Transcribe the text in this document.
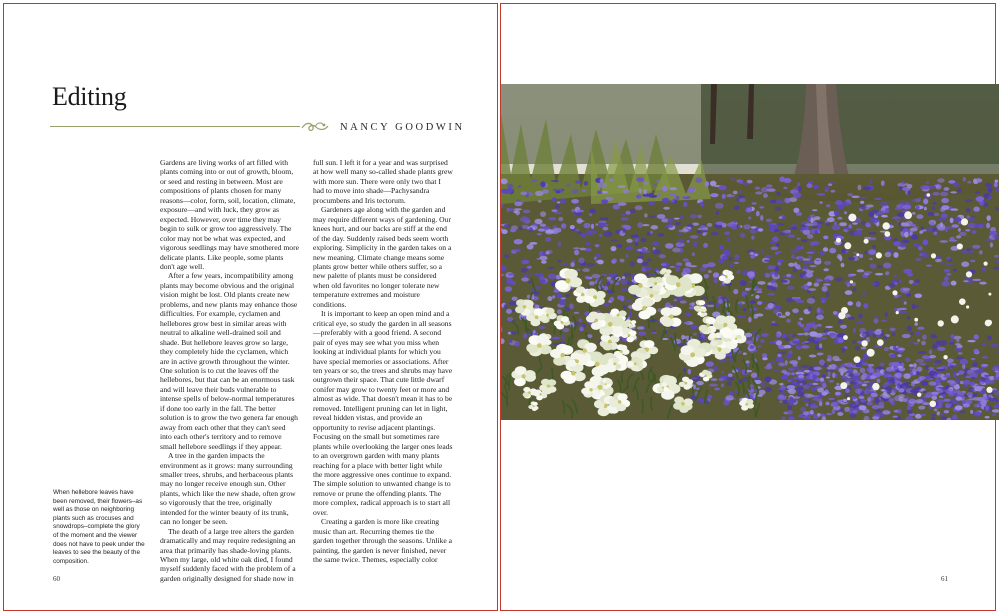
Editing
NANCY GOODWIN

Gardens are living works of art filled with plants coming into or out of growth, bloom, or seed and resting in between. Most are compositions of plants chosen for many reasons—color, form, soil, location, climate, exposure—and with luck, they grow as expected. However, over time they may begin to sulk or grow too aggressively. The color may not be what was expected, and vigorous seedlings may have smothered more delicate plants. Like people, some plants don't age well.

After a few years, incompatibility among plants may become obvious and the original vision might be lost. Old plants create new problems, and new plants may enhance those difficulties. For example, cyclamen and hellebores grow best in similar areas with neutral to alkaline well-drained soil and shade. But hellebore leaves grow so large, they completely hide the cyclamen, which are in active growth throughout the winter. One solution is to cut the leaves off the hellebores, but that can be an enormous task and will leave their buds vulnerable to intense spells of below-normal temperatures if done too early in the fall. The better solution is to grow the two genera far enough away from each other that they can't seed into each other's territory and to remove small hellebore seedlings if they appear.

A tree in the garden impacts the environment as it grows: many surrounding smaller trees, shrubs, and herbaceous plants may no longer receive enough sun. Other plants, which like the new shade, often grow so vigorously that the tree, originally intended for the winter beauty of its trunk, can no longer be seen.

The death of a large tree alters the garden dramatically and may require redesigning an area that primarily has shade-loving plants. When my large, old white oak died, I found myself suddenly faced with the problem of a garden originally designed for shade now in

full sun. I left it for a year and was surprised at how well many so-called shade plants grew with more sun. There were only two that I had to move into shade—Pachysandra procumbens and Iris tectorum.

Gardeners age along with the garden and may require different ways of gardening. Our knees hurt, and our backs are stiff at the end of the day. Suddenly raised beds seem worth exploring. Simplicity in the garden takes on a new meaning. Climate change means some plants grow better while others suffer, so a new palette of plants must be considered when old favorites no longer tolerate new temperature extremes and moisture conditions.

It is important to keep an open mind and a critical eye, so study the garden in all seasons—preferably with a good friend. A second pair of eyes may see what you miss when looking at individual plants for which you have special memories or associations. After ten years or so, the trees and shrubs may have outgrown their space. That cute little dwarf conifer may grow to twenty feet or more and almost as wide. That doesn't mean it has to be removed. Intelligent pruning can let in light, reveal hidden vistas, and provide an opportunity to revise adjacent plantings. Focusing on the small but sometimes rare plants while overlooking the larger ones leads to an overgrown garden with many plants reaching for a place with better light while the more aggressive ones continue to expand. The simple solution to unwanted change is to remove or prune the offending plants. The more complex, radical approach is to start all over.

Creating a garden is more like creating music than art. Recurring themes tie the garden together through the seasons. Unlike a painting, the garden is never finished, never the same twice. Themes, especially color

When hellebore leaves have been removed, their flowers–as well as those on neighboring plants such as crocuses and snowdrops–complete the glory of the moment and the viewer does not have to peek under the leaves to see the beauty of the composition.
60	61
